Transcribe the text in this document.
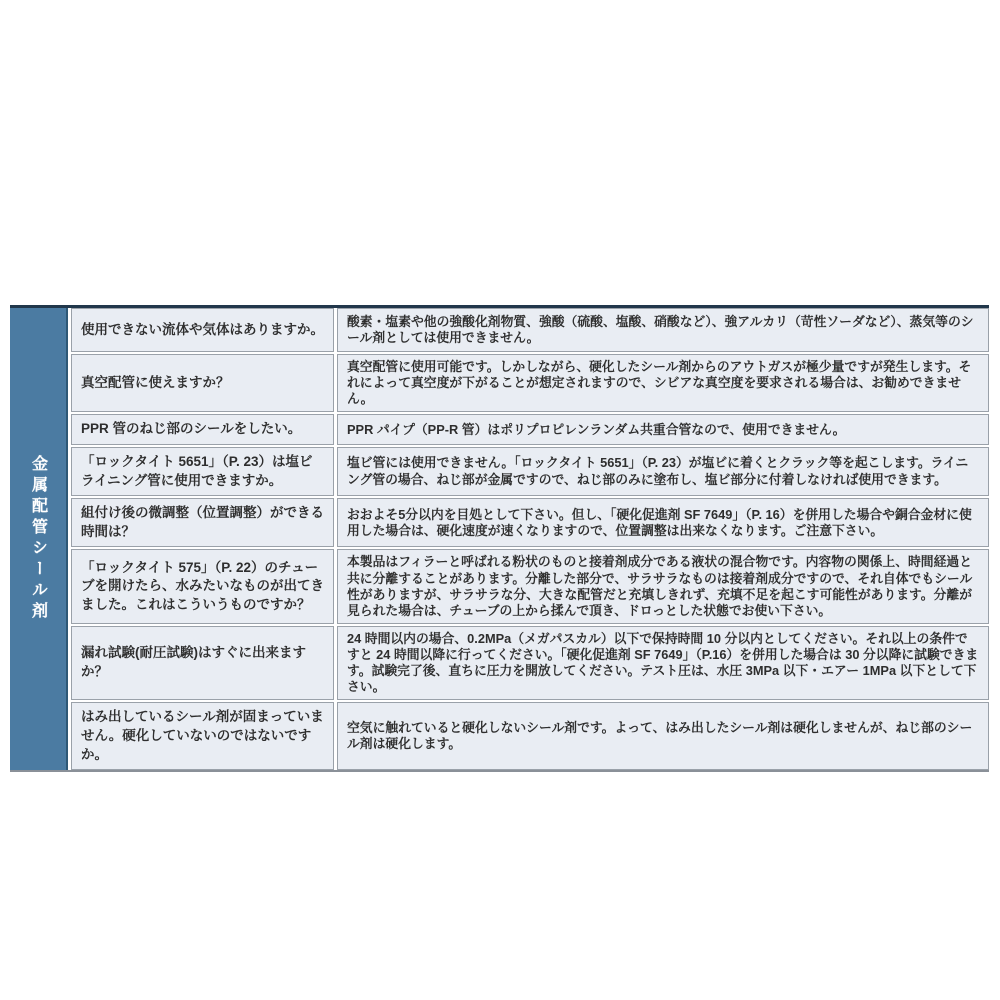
金属配管シール剤
使用できない流体や気体はありますか。
酸素・塩素や他の強酸化剤物質、強酸（硫酸、塩酸、硝酸など）、強アルカリ（苛性ソーダなど）、蒸気等のシール剤としては使用できません。
真空配管に使えますか？
真空配管に使用可能です。しかしながら、硬化したシール剤からのアウトガスが極少量ですが発生します。それによって真空度が下がることが想定されますので、シビアな真空度を要求される場合は、お勧めできません。
PPR 管のねじ部のシールをしたい。	PPR パイプ（PP-R 管）はポリプロピレンランダム共重合管なので、使用できません。
「ロックタイト 5651」（P. 23）は塩ビライニング管に使用できますか。
塩ビ管には使用できません。「ロックタイト 5651」（P. 23）が塩ビに着くとクラック等を起こします。ライニング管の場合、ねじ部が金属ですので、ねじ部のみに塗布し、塩ビ部分に付着しなければ使用できます。
組付け後の微調整（位置調整）ができる時間は？
おおよそ5分以内を目処として下さい。但し、「硬化促進剤 SF 7649」（P. 16）を併用した場合や銅合金材に使用した場合は、硬化速度が速くなりますので、位置調整は出来なくなります。ご注意下さい。
「ロックタイト 575」（P. 22）のチューブを開けたら、水みたいなものが出てきました。これはこういうものですか？
本製品はフィラーと呼ばれる粉状のものと接着剤成分である液状の混合物です。内容物の関係上、時間経過と共に分離することがあります。分離した部分で、サラサラなものは接着剤成分ですので、それ自体でもシール性がありますが、サラサラな分、大きな配管だと充填しきれず、充填不足を起こす可能性があります。分離が見られた場合は、チューブの上から揉んで頂き、ドロっとした状態でお使い下さい。
漏れ試験(耐圧試験)はすぐに出来ますか？
24 時間以内の場合、0.2MPa（メガパスカル）以下で保持時間 10 分以内としてください。それ以上の条件ですと 24 時間以降に行ってください。「硬化促進剤 SF 7649」（P.16）を併用した場合は 30 分以降に試験できます。試験完了後、直ちに圧力を開放してください。テスト圧は、水圧 3MPa 以下・エアー 1MPa 以下として下さい。
はみ出しているシール剤が固まっていません。硬化していないのではないですか。
空気に触れていると硬化しないシール剤です。よって、はみ出したシール剤は硬化しませんが、ねじ部のシール剤は硬化します。
